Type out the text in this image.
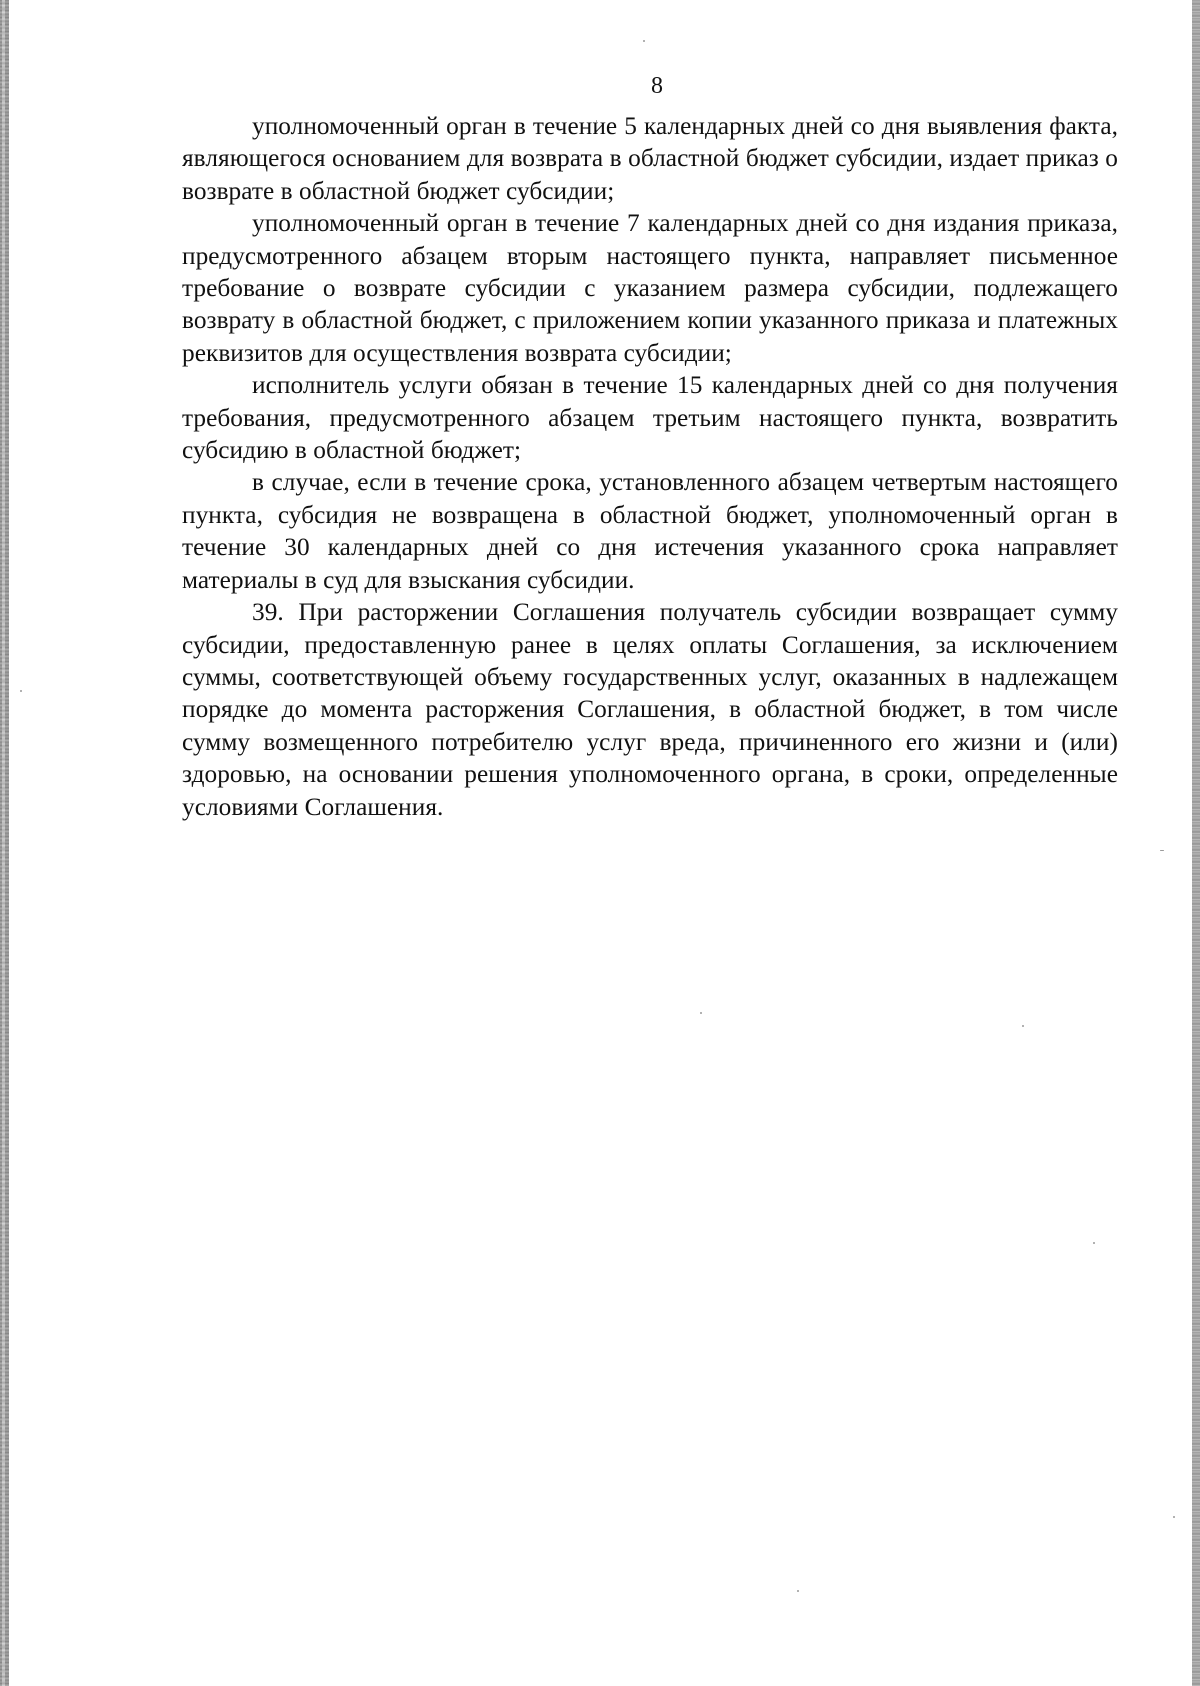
8

уполномоченный орган в течение 5 календарных дней со дня выявления факта, являющегося основанием для возврата в областной бюджет субсидии, издает приказ о возврате в областной бюджет субсидии;

уполномоченный орган в течение 7 календарных дней со дня издания приказа, предусмотренного абзацем вторым настоящего пункта, направляет письменное требование о возврате субсидии с указанием размера субсидии, подлежащего возврату в областной бюджет, с приложением копии указанного приказа и платежных реквизитов для осуществления возврата субсидии;

исполнитель услуги обязан в течение 15 календарных дней со дня получения требования, предусмотренного абзацем третьим настоящего пункта, возвратить субсидию в областной бюджет;

в случае, если в течение срока, установленного абзацем четвертым настоящего пункта, субсидия не возвращена в областной бюджет, уполномоченный орган в течение 30 календарных дней со дня истечения указанного срока направляет материалы в суд для взыскания субсидии.

39. При расторжении Соглашения получатель субсидии возвращает сумму субсидии, предоставленную ранее в целях оплаты Соглашения, за исключением суммы, соответствующей объему государственных услуг, оказанных в надлежащем порядке до момента расторжения Соглашения, в областной бюджет, в том числе сумму возмещенного потребителю услуг вреда, причиненного его жизни и (или) здоровью, на основании решения уполномоченного органа, в сроки, определенные условиями Соглашения.
